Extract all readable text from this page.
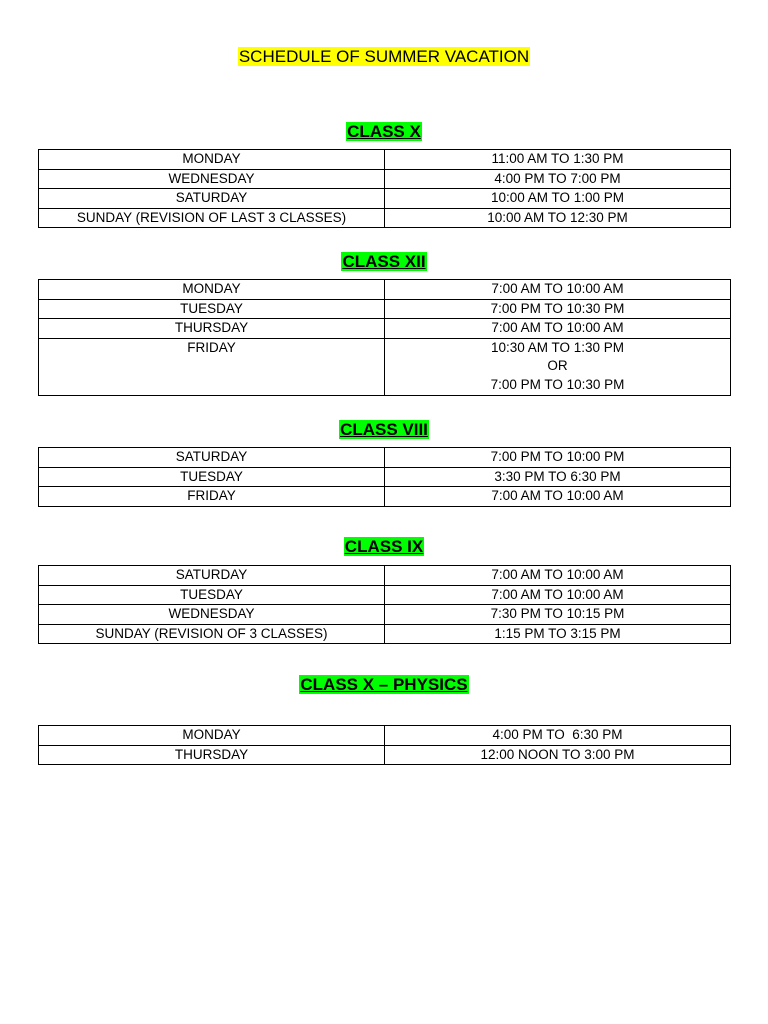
SCHEDULE OF SUMMER VACATION
CLASS X
MONDAY	11:00 AM TO 1:30 PM
WEDNESDAY	4:00 PM TO 7:00 PM
SATURDAY	10:00 AM TO 1:00 PM
SUNDAY (REVISION OF LAST 3 CLASSES)	10:00 AM TO 12:30 PM
CLASS XII
MONDAY	7:00 AM TO 10:00 AM
TUESDAY	7:00 PM TO 10:30 PM
THURSDAY	7:00 AM TO 10:00 AM
FRIDAY	10:30 AM TO 1:30 PM
OR
7:00 PM TO 10:30 PM
CLASS VIII
SATURDAY	7:00 PM TO 10:00 PM
TUESDAY	3:30 PM TO 6:30 PM
FRIDAY	7:00 AM TO 10:00 AM
CLASS IX
SATURDAY	7:00 AM TO 10:00 AM
TUESDAY	7:00 AM TO 10:00 AM
WEDNESDAY	7:30 PM TO 10:15 PM
SUNDAY (REVISION OF 3 CLASSES)	1:15 PM TO 3:15 PM
CLASS X – PHYSICS
MONDAY	4:00 PM TO  6:30 PM
THURSDAY	12:00 NOON TO 3:00 PM
